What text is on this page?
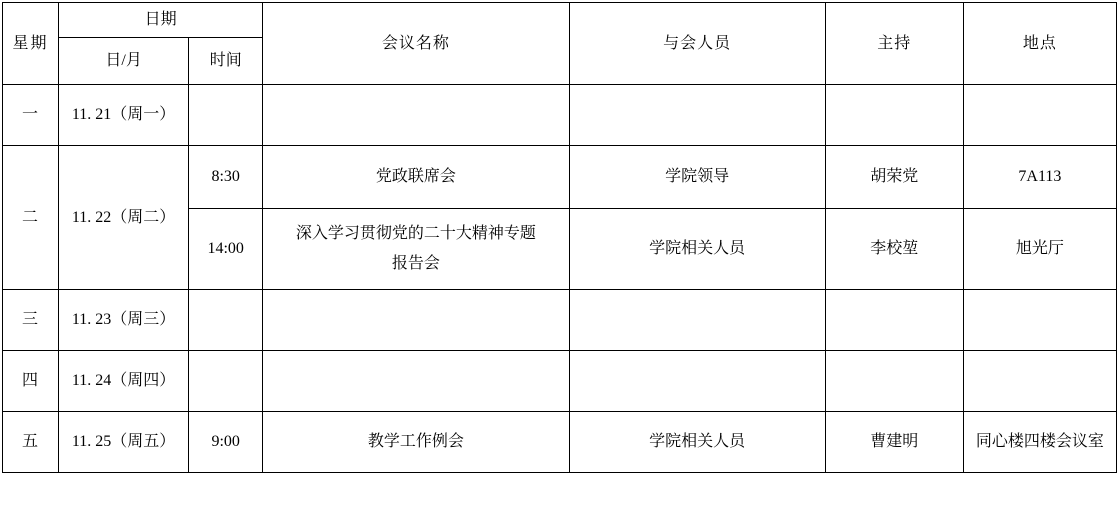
星期	日期		会议名称	与会人员	主持	地点
	日/月	时间				
一	11. 21（周一）					
二	11. 22（周二）	8:30	党政联席会	学院领导	胡荣党	7A113
		14:00	深入学习贯彻党的二十大精神专题
报告会	学院相关人员	李校堃	旭光厅
三	11. 23（周三）					
四	11. 24（周四）					
五	11. 25（周五）	9:00	教学工作例会	学院相关人员	曹建明	同心楼四楼会议室
